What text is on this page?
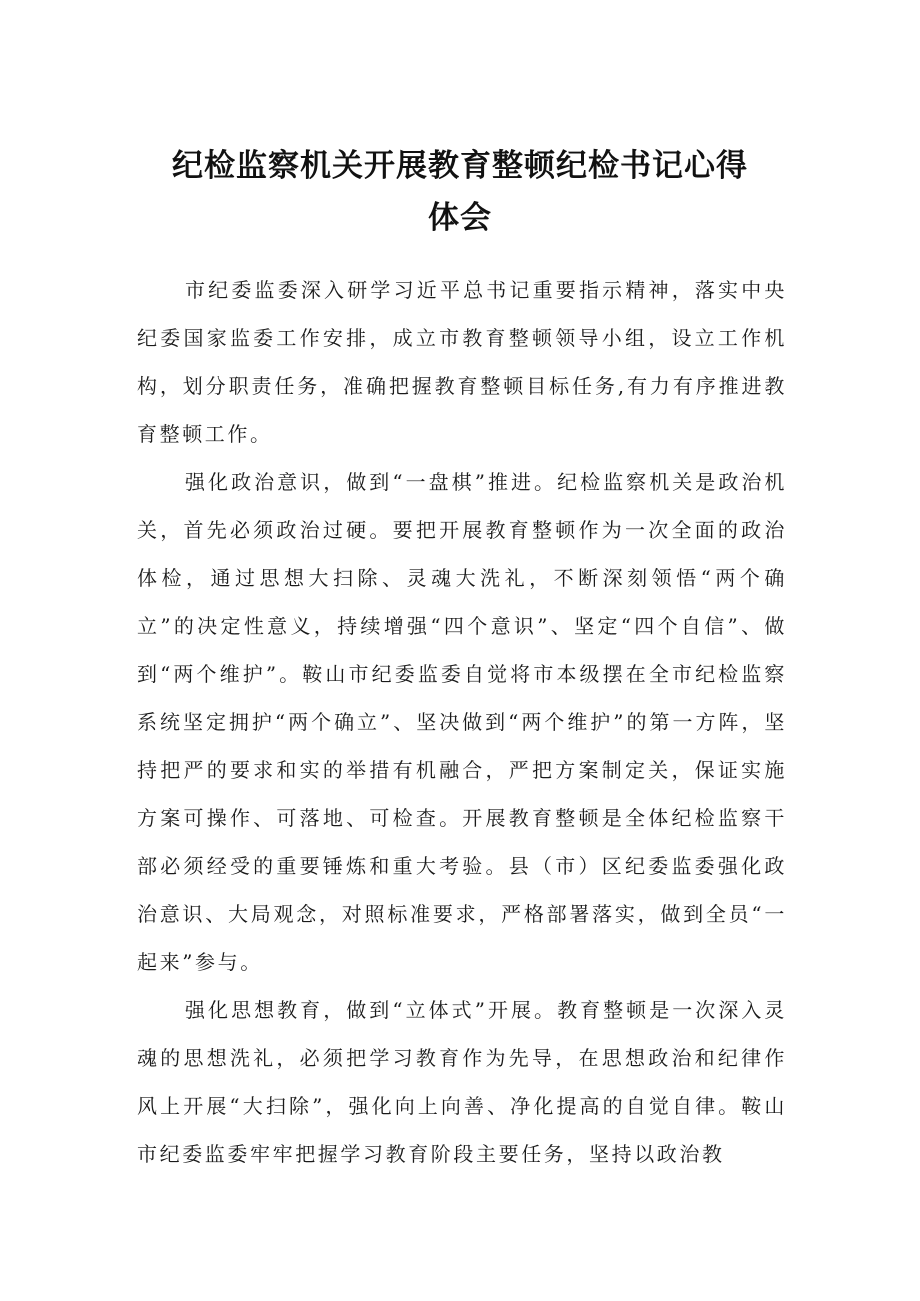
纪检监察机关开展教育整顿纪检书记心得
体会

市纪委监委深入研学习近平总书记重要指示精神，落实中央纪委国家监委工作安排，成立市教育整顿领导小组，设立工作机构，划分职责任务，准确把握教育整顿目标任务,有力有序推进教育整顿工作。

强化政治意识，做到“一盘棋”推进。纪检监察机关是政治机关，首先必须政治过硬。要把开展教育整顿作为一次全面的政治体检，通过思想大扫除、灵魂大洗礼，不断深刻领悟“两个确立”的决定性意义，持续增强“四个意识”、坚定“四个自信”、做到“两个维护”。鞍山市纪委监委自觉将市本级摆在全市纪检监察系统坚定拥护“两个确立”、坚决做到“两个维护”的第一方阵，坚持把严的要求和实的举措有机融合，严把方案制定关，保证实施方案可操作、可落地、可检查。开展教育整顿是全体纪检监察干部必须经受的重要锤炼和重大考验。县（市）区纪委监委强化政治意识、大局观念，对照标准要求，严格部署落实，做到全员“一起来”参与。

强化思想教育，做到“立体式”开展。教育整顿是一次深入灵魂的思想洗礼，必须把学习教育作为先导，在思想政治和纪律作风上开展“大扫除”，强化向上向善、净化提高的自觉自律。鞍山市纪委监委牢牢把握学习教育阶段主要任务，坚持以政治教
